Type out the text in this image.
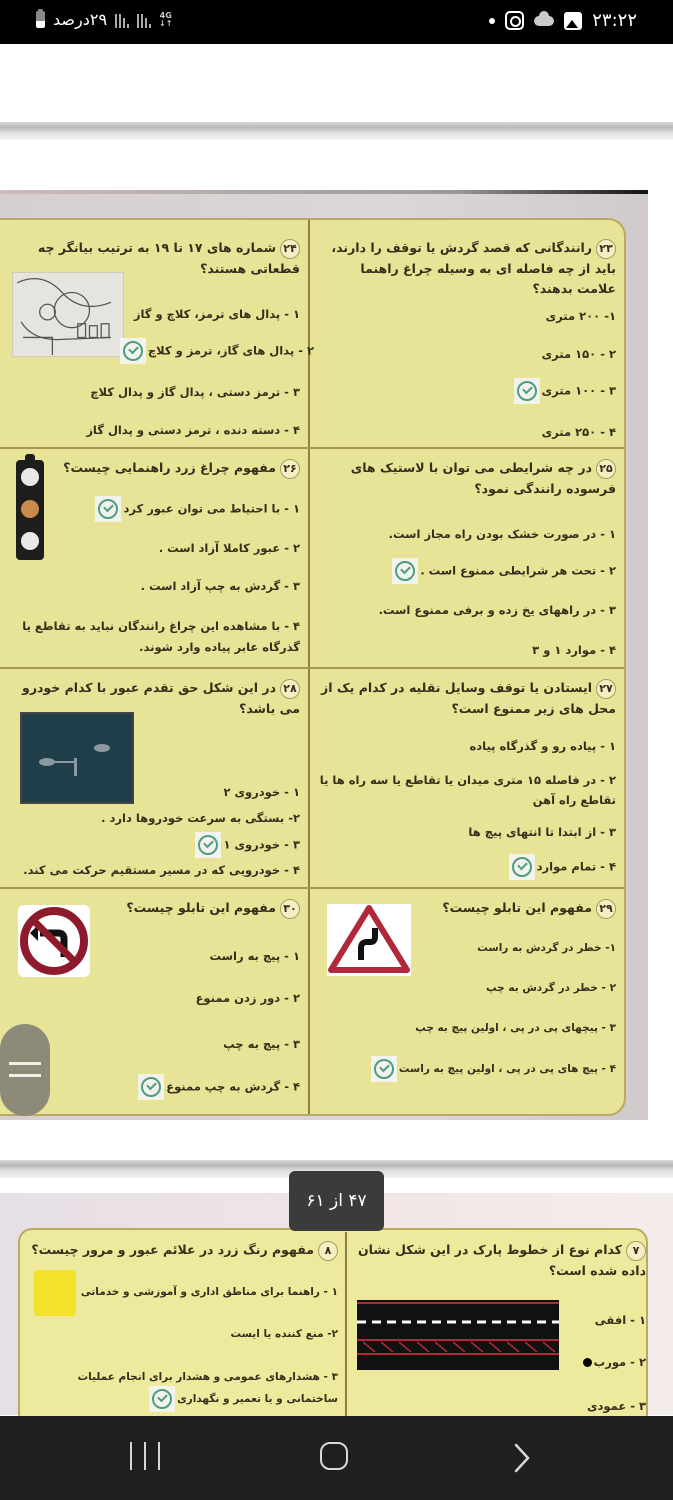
۲۹درصد	4G
↓↑	۲۳:۲۲
۲۳رانندگانی که قصد گردش یا توقف را دارند، باید از چه فاصله ای به وسیله چراغ راهنما علامت بدهند؟
۱- ۲۰۰ متری
۲ - ۱۵۰ متری
۳ - ۱۰۰ متری
۴ - ۲۵۰ متری
۲۴شماره های ۱۷ تا ۱۹ به ترتیب بیانگر چه قطعاتی هستند؟
۱ - پدال های ترمز، کلاچ و گاز
۲ - پدال های گاز، ترمز و کلاچ
۳ - ترمز دستی ، پدال گاز و پدال کلاچ
۴ - دسته دنده ، ترمز دستی و پدال گاز
۲۵در چه شرایطی می توان با لاستیک های فرسوده رانندگی نمود؟
۱ - در صورت خشک بودن راه مجاز است.
۲ - تحت هر شرایطی ممنوع است .
۳ - در راههای یخ زده و برفی ممنوع است.
۴ - موارد ۱ و ۳
۲۶مفهوم چراغ زرد راهنمایی چیست؟
۱ - با احتیاط می توان عبور کرد
۲ - عبور کاملا آزاد است .
۳ - گردش به چپ آزاد است .
۴ - با مشاهده این چراغ رانندگان نباید به تقاطع یا گذرگاه عابر پیاده وارد شوند.
۲۷ایستادن یا توقف وسایل نقلیه در کدام یک از محل های زیر ممنوع است؟
۱ - پیاده رو و گذرگاه پیاده
۲ - در فاصله ۱۵ متری میدان یا تقاطع یا سه راه ها یا تقاطع راه آهن
۳ - از ابتدا تا انتهای پیچ ها
۴ - تمام موارد
۲۸در این شکل حق تقدم عبور با کدام خودرو می باشد؟
۱ - خودروی ۲
۲- بستگی به سرعت خودروها دارد .
۳ - خودروی ۱
۴ - خودرویی که در مسیر مستقیم حرکت می کند.
۲۹مفهوم این تابلو چیست؟
۱- خطر در گردش به راست
۲ - خطر در گردش به چپ
۳ - پیچهای پی در پی ، اولین پیچ به چپ
۴ - پیچ های پی در پی ، اولین پیچ به راست
۳۰مفهوم این تابلو چیست؟
۱ - پیچ به راست
۲ - دور زدن ممنوع
۳ - پیچ به چپ
۴ - گردش به چپ ممنوع
۷کدام نوع از خطوط پارک در این شکل نشان داده شده است؟
۱ - افقی
۲ - مورب
۳ - عمودی
۸مفهوم رنگ زرد در علائم عبور و مرور چیست؟
۱ - راهنما برای مناطق اداری و آموزشی و خدماتی
۲- منع کننده یا ایست
۳ - هشدارهای عمومی و هشدار برای انجام عملیات ساختمانی و یا تعمیر و نگهداری
۴۷ از ۶۱
